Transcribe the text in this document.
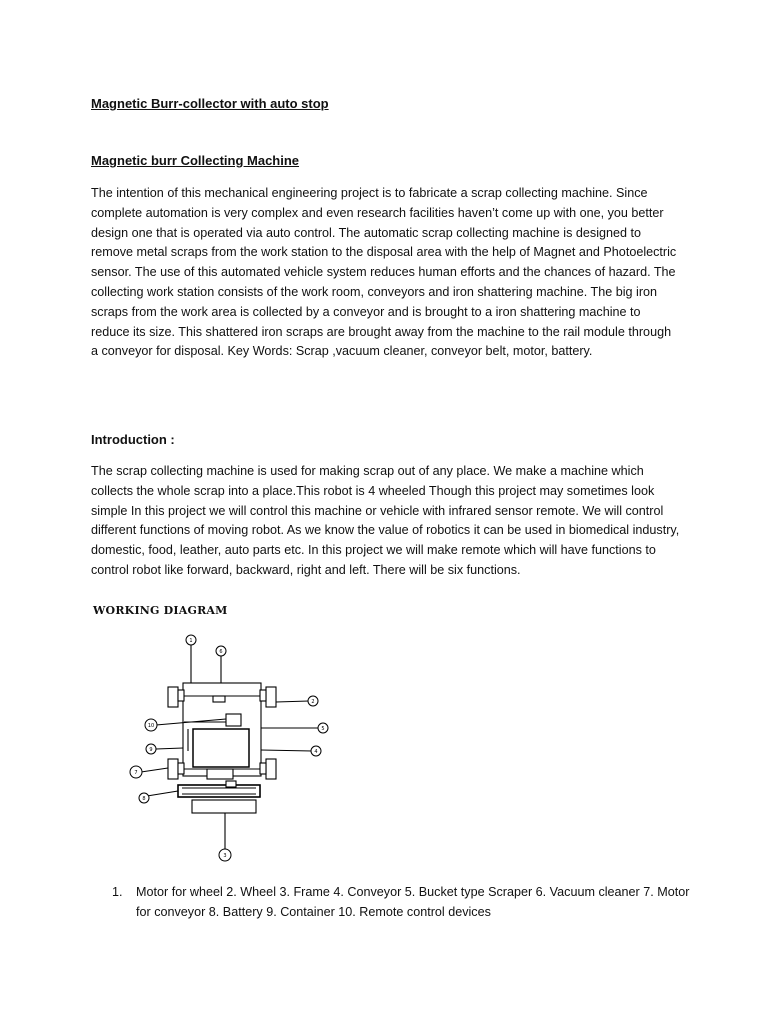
Magnetic Burr-collector with auto stop

Magnetic burr Collecting Machine

The intention of this mechanical engineering project is to fabricate a scrap collecting machine. Since complete automation is very complex and even research facilities haven’t come up with one, you better design one that is operated via auto control. The automatic scrap collecting machine is designed to remove metal scraps from the work station to the disposal area with the help of Magnet and Photoelectric sensor. The use of this automated vehicle system reduces human efforts and the chances of hazard. The collecting work station consists of the work room, conveyors and iron shattering machine. The big iron scraps from the work area is collected by a conveyor and is brought to a iron shattering machine to reduce its size. This shattered iron scraps are brought away from the machine to the rail module through a conveyor for disposal. Key Words: Scrap ,vacuum cleaner, conveyor belt, motor, battery.

Introduction :

The scrap collecting machine is used for making scrap out of any place. We make a machine which collects the whole scrap into a place.This robot is 4 wheeled Though this project may sometimes look simple In this project we will control this machine or vehicle with infrared sensor remote. We will control different functions of moving robot. As we know the value of robotics it can be used in biomedical industry, domestic, food, leather, auto parts etc. In this project we will make remote which will have functions to control robot like forward, backward, right and left. There will be six functions.

WORKING DIAGRAM

1
6
2
5
4
10
9
7
8
3
1. Motor for wheel 2. Wheel 3. Frame 4. Conveyor 5. Bucket type Scraper 6. Vacuum cleaner 7. Motor for conveyor 8. Battery 9. Container 10. Remote control devices
